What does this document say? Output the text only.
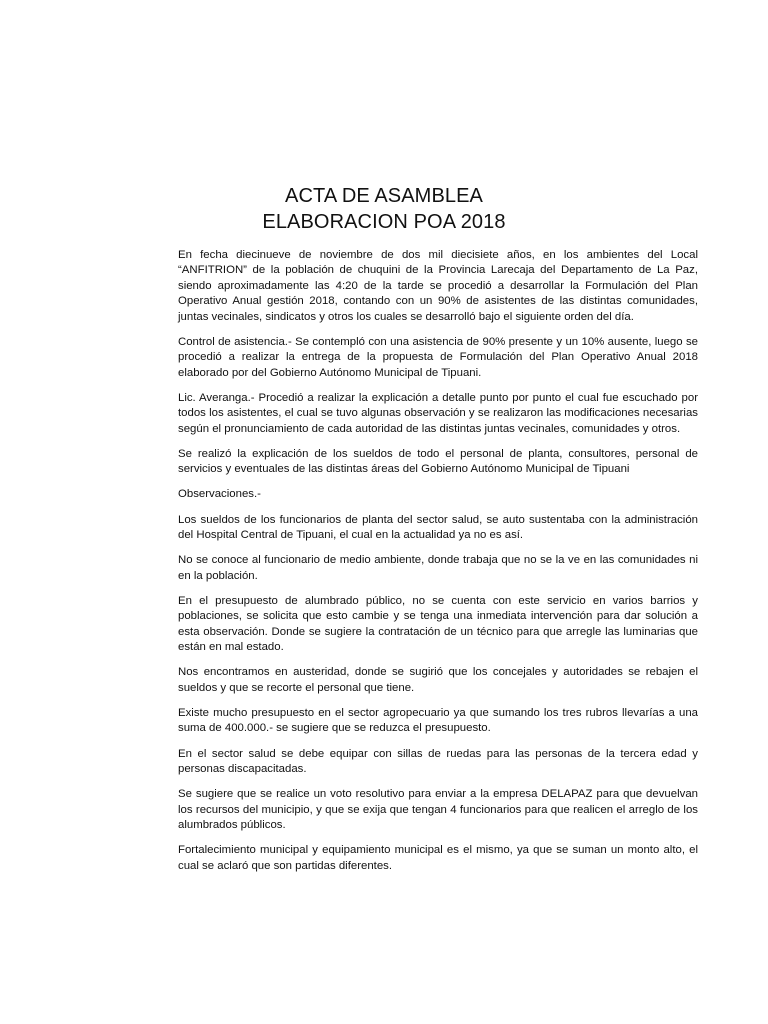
ACTA DE ASAMBLEA

ELABORACION POA 2018

En fecha diecinueve de noviembre de dos mil diecisiete años, en los ambientes del Local “ANFITRION” de la población de chuquini de la Provincia Larecaja del Departamento de La Paz, siendo aproximadamente las 4:20 de la tarde se procedió a desarrollar la Formulación del Plan Operativo Anual gestión 2018, contando con un 90% de asistentes de las distintas comunidades, juntas vecinales, sindicatos y otros los cuales se desarrolló bajo el siguiente orden del día.

Control de asistencia.- Se contempló con una asistencia de 90% presente y un 10% ausente, luego se procedió a realizar la entrega de la propuesta de Formulación del Plan Operativo Anual 2018 elaborado por del Gobierno Autónomo Municipal de Tipuani.

Lic. Averanga.- Procedió a realizar la explicación a detalle punto por punto el cual fue escuchado por todos los asistentes, el cual se tuvo algunas observación y se realizaron las modificaciones necesarias según el pronunciamiento de cada autoridad de las distintas juntas vecinales, comunidades y otros.

Se realizó la explicación de los sueldos de todo el personal de planta, consultores, personal de servicios y eventuales de las distintas áreas del Gobierno Autónomo Municipal de Tipuani

Observaciones.-

Los sueldos de los funcionarios de planta del sector salud, se auto sustentaba con la administración del Hospital Central de Tipuani, el cual en la actualidad ya no es así.

No se conoce al funcionario de medio ambiente, donde trabaja que no se la ve en las comunidades ni en la población.

En el presupuesto de alumbrado público, no se cuenta con este servicio en varios barrios y poblaciones, se solicita que esto cambie y se tenga una inmediata intervención para dar solución a esta observación. Donde se sugiere la contratación de un técnico para que arregle las luminarias que están en mal estado.

Nos encontramos en austeridad, donde se sugirió que los concejales y autoridades se rebajen el sueldos y que se recorte el personal que tiene.

Existe mucho presupuesto en el sector agropecuario ya que sumando los tres rubros llevarías a una suma de 400.000.- se sugiere que se reduzca el presupuesto.

En el sector salud se debe equipar con sillas de ruedas para las personas de la tercera edad y personas discapacitadas.

Se sugiere que se realice un voto resolutivo para enviar a la empresa DELAPAZ para que devuelvan los recursos del municipio, y que se exija que tengan 4 funcionarios para que realicen el arreglo de los alumbrados públicos.

Fortalecimiento municipal y equipamiento municipal es el mismo, ya que se suman un monto alto, el cual se aclaró que son partidas diferentes.
